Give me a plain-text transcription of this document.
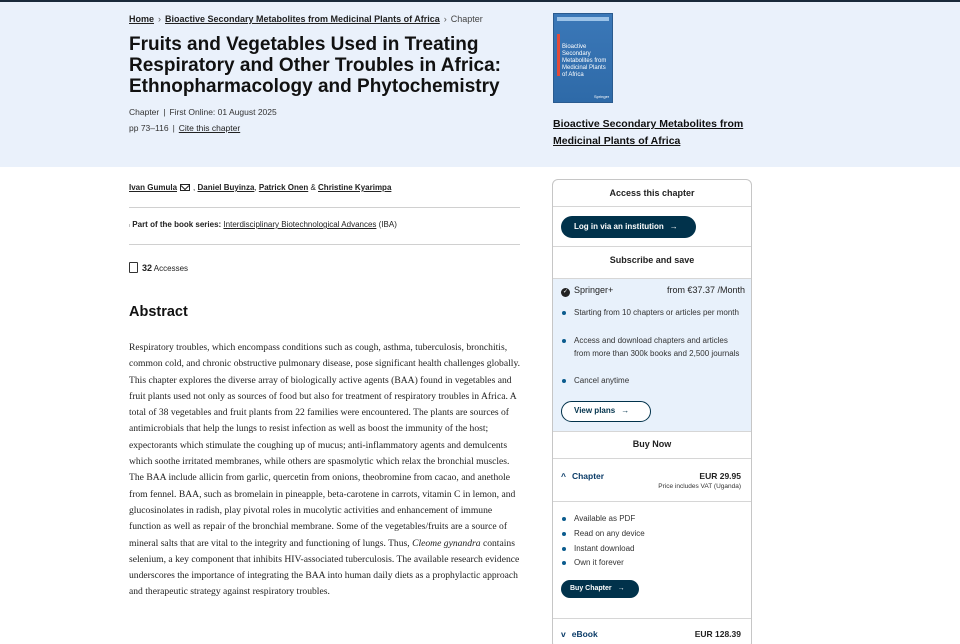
Home › Bioactive Secondary Metabolites from Medicinal Plants of Africa › Chapter
Fruits and Vegetables Used in Treating Respiratory and Other Troubles in Africa: Ethnopharmacology and Phytochemistry
Chapter | First Online: 01 August 2025
pp 73–116 | Cite this chapter
Bioactive Secondary Metabolites from Medicinal Plants of Africa
Springer
Bioactive Secondary Metabolites from Medicinal Plants of Africa
Ivan Gumula , Daniel Buyinza, Patrick Onen & Christine Kyarimpa
𝆠 Part of the book series: Interdisciplinary Biotechnological Advances (IBA)
32 Accesses
Abstract

Respiratory troubles, which encompass conditions such as cough, asthma, tuberculosis, bronchitis, common cold, and chronic obstructive pulmonary disease, pose significant health challenges globally. This chapter explores the diverse array of biologically active agents (BAA) found in vegetables and fruit plants used not only as sources of food but also for treatment of respiratory troubles in Africa. A total of 38 vegetables and fruit plants from 22 families were encountered. The plants are sources of antimicrobials that help the lungs to resist infection as well as boost the immunity of the host; expectorants which stimulate the coughing up of mucus; anti-inflammatory agents and demulcents which soothe irritated membranes, while others are spasmolytic which relax the bronchial muscles. The BAA include allicin from garlic, quercetin from onions, theobromine from cacao, and anethole from fennel. BAA, such as bromelain in pineapple, beta-carotene in carrots, vitamin C in lemon, and glucosinolates in radish, play pivotal roles in mucolytic activities and enhancement of immune function as well as repair of the bronchial membrane. Some of the vegetables/fruits are a source of mineral salts that are vital to the integrity and functioning of lungs. Thus, Cleome gynandra contains selenium, a key component that inhibits HIV-associated tuberculosis. The available research evidence underscores the importance of integrating the BAA into human daily diets as a prophylactic approach and therapeutic strategy against respiratory troubles.

Access this chapter
Log in via an institution →
Subscribe and save
✓ Springer+	from €37.37 /Month
Starting from 10 chapters or articles per month
Access and download chapters and articles from more than 300k books and 2,500 journals
Cancel anytime
View plans →
Buy Now
^ Chapter	EUR 29.95
Price includes VAT (Uganda)
Available as PDF
Read on any device
Instant download
Own it forever
Buy Chapter →
v eBook	EUR 128.39
